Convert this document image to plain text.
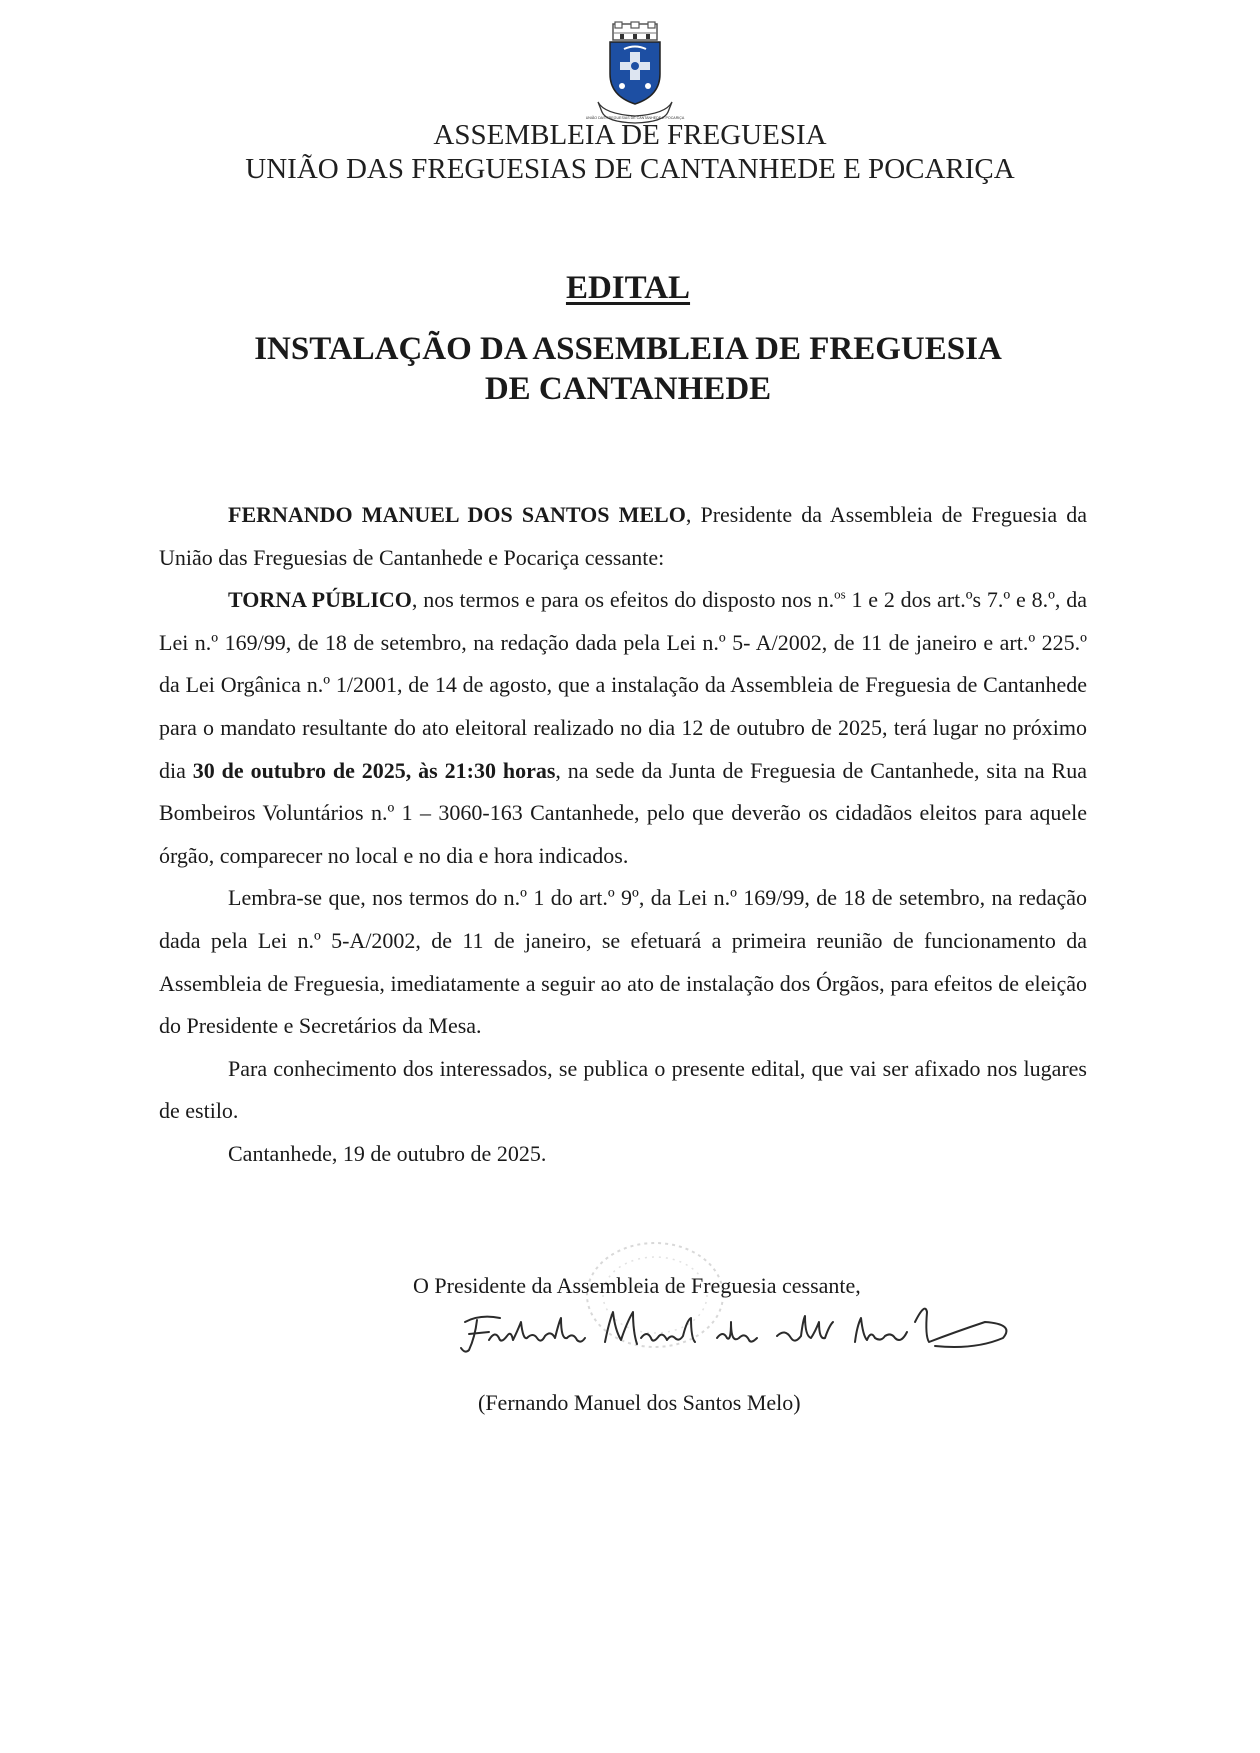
UNIÃO DAS FREGUESIAS DE CANTANHEDE E POCARIÇA
ASSEMBLEIA DE FREGUESIA
UNIÃO DAS FREGUESIAS DE CANTANHEDE E POCARIÇA
EDITAL
INSTALAÇÃO DA ASSEMBLEIA DE FREGUESIA
DE CANTANHEDE

FERNANDO MANUEL DOS SANTOS MELO, Presidente da Assembleia de Freguesia da União das Freguesias de Cantanhede e Pocariça cessante:

TORNA PÚBLICO, nos termos e para os efeitos do disposto nos n.$^{os}$ 1 e 2 dos art.ºs 7.º e 8.º, da Lei n.º 169/99, de 18 de setembro, na redação dada pela Lei n.º 5- A/2002, de 11 de janeiro e art.º 225.º da Lei Orgânica n.º 1/2001, de 14 de agosto, que a instalação da Assembleia de Freguesia de Cantanhede para o mandato resultante do ato eleitoral realizado no dia 12 de outubro de 2025, terá lugar no próximo dia 30 de outubro de 2025, às 21:30 horas, na sede da Junta de Freguesia de Cantanhede, sita na Rua Bombeiros Voluntários n.º 1 – 3060-163 Cantanhede, pelo que deverão os cidadãos eleitos para aquele órgão, comparecer no local e no dia e hora indicados.

Lembra-se que, nos termos do n.º 1 do art.º 9º, da Lei n.º 169/99, de 18 de setembro, na redação dada pela Lei n.º 5-A/2002, de 11 de janeiro, se efetuará a primeira reunião de funcionamento da Assembleia de Freguesia, imediatamente a seguir ao ato de instalação dos Órgãos, para efeitos de eleição do Presidente e Secretários da Mesa.

Para conhecimento dos interessados, se publica o presente edital, que vai ser afixado nos lugares de estilo.

Cantanhede, 19 de outubro de 2025.

O Presidente da Assembleia de Freguesia cessante,
(Fernando Manuel dos Santos Melo)
